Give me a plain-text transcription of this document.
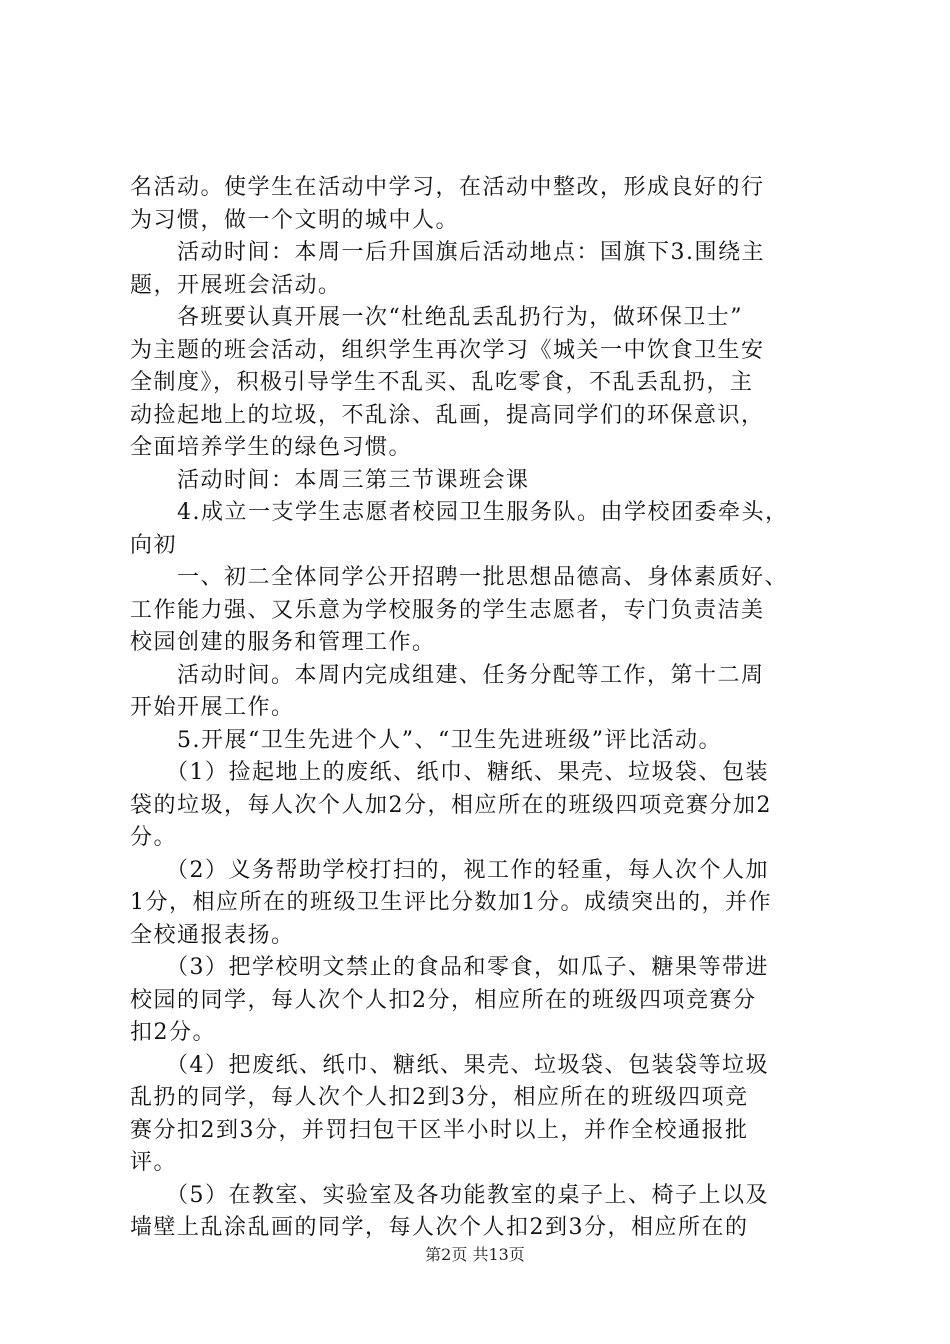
名活动。使学生在活动中学习，在活动中整改，形成良好的行
为习惯，做一个文明的城中人。
　　活动时间：本周一后升国旗后活动地点：国旗下3.围绕主
题，开展班会活动。
　　各班要认真开展一次“杜绝乱丢乱扔行为，做环保卫士”
为主题的班会活动，组织学生再次学习《城关一中饮食卫生安
全制度》，积极引导学生不乱买、乱吃零食，不乱丢乱扔，主
动捡起地上的垃圾，不乱涂、乱画，提高同学们的环保意识，
全面培养学生的绿色习惯。
　　活动时间：本周三第三节课班会课
　　4.成立一支学生志愿者校园卫生服务队。由学校团委牵头，
向初
　　一、初二全体同学公开招聘一批思想品德高、身体素质好、
工作能力强、又乐意为学校服务的学生志愿者，专门负责洁美
校园创建的服务和管理工作。
　　活动时间。本周内完成组建、任务分配等工作，第十二周
开始开展工作。
　　5.开展“卫生先进个人”、“卫生先进班级”评比活动。
　　（1）捡起地上的废纸、纸巾、糖纸、果壳、垃圾袋、包装
袋的垃圾，每人次个人加2分，相应所在的班级四项竞赛分加2
分。
　　（2）义务帮助学校打扫的，视工作的轻重，每人次个人加
1分，相应所在的班级卫生评比分数加1分。成绩突出的，并作
全校通报表扬。
　　（3）把学校明文禁止的食品和零食，如瓜子、糖果等带进
校园的同学，每人次个人扣2分，相应所在的班级四项竞赛分
扣2分。
　　（4）把废纸、纸巾、糖纸、果壳、垃圾袋、包装袋等垃圾
乱扔的同学，每人次个人扣2到3分，相应所在的班级四项竞
赛分扣2到3分，并罚扫包干区半小时以上，并作全校通报批
评。
　　（5）在教室、实验室及各功能教室的桌子上、椅子上以及
墙壁上乱涂乱画的同学，每人次个人扣2到3分，相应所在的
第2页 共13页
